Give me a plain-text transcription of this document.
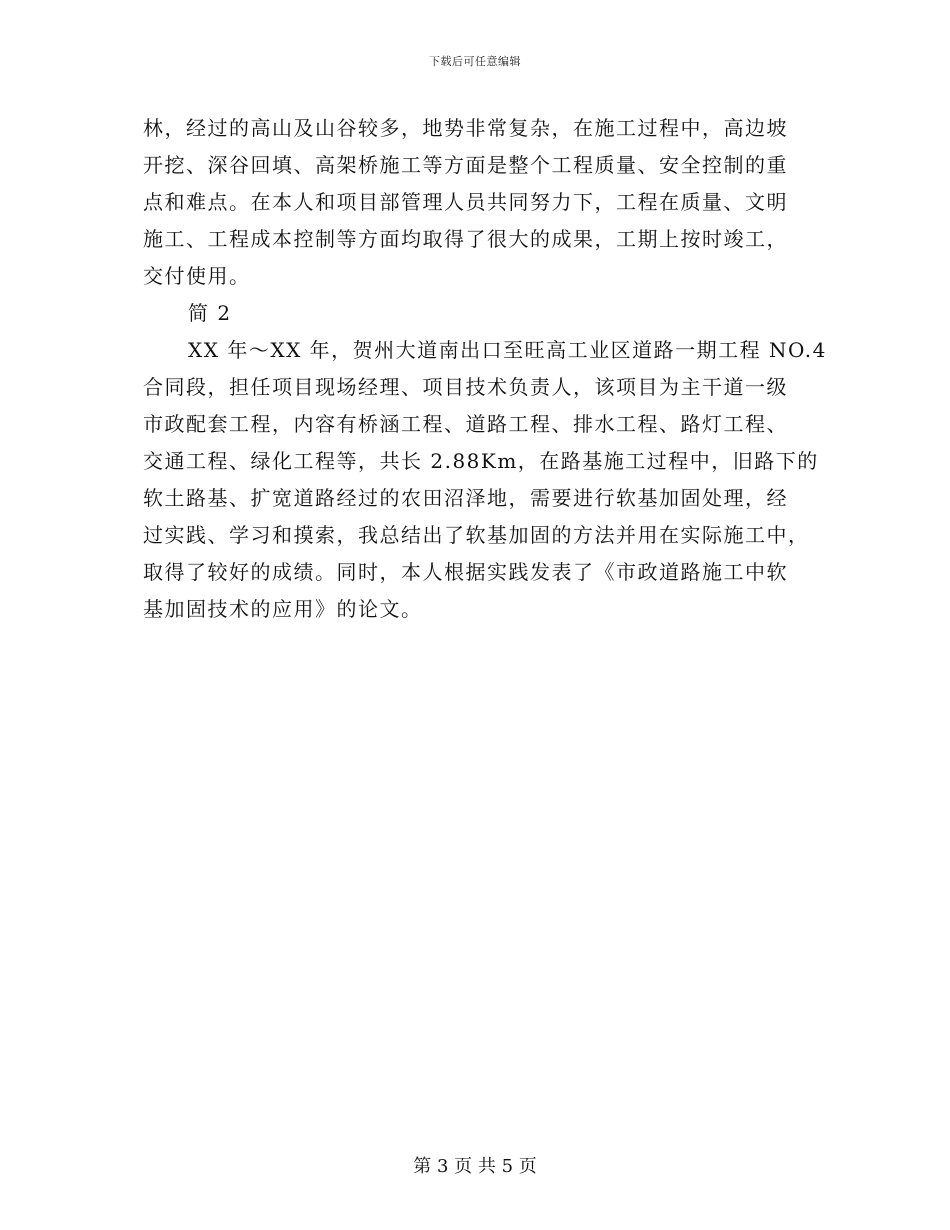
下载后可任意编辑
林，经过的高山及山谷较多，地势非常复杂，在施工过程中，高边坡
开挖、深谷回填、高架桥施工等方面是整个工程质量、安全控制的重
点和难点。在本人和项目部管理人员共同努力下，工程在质量、文明
施工、工程成本控制等方面均取得了很大的成果，工期上按时竣工，
交付使用。
简 2
XX 年～XX 年，贺州大道南出口至旺高工业区道路一期工程 NO.4
合同段，担任项目现场经理、项目技术负责人，该项目为主干道一级
市政配套工程，内容有桥涵工程、道路工程、排水工程、路灯工程、
交通工程、绿化工程等，共长 2.88Km，在路基施工过程中，旧路下的
软土路基、扩宽道路经过的农田沼泽地，需要进行软基加固处理，经
过实践、学习和摸索，我总结出了软基加固的方法并用在实际施工中，
取得了较好的成绩。同时，本人根据实践发表了《市政道路施工中软
基加固技术的应用》的论文。
第 3 页 共 5 页
